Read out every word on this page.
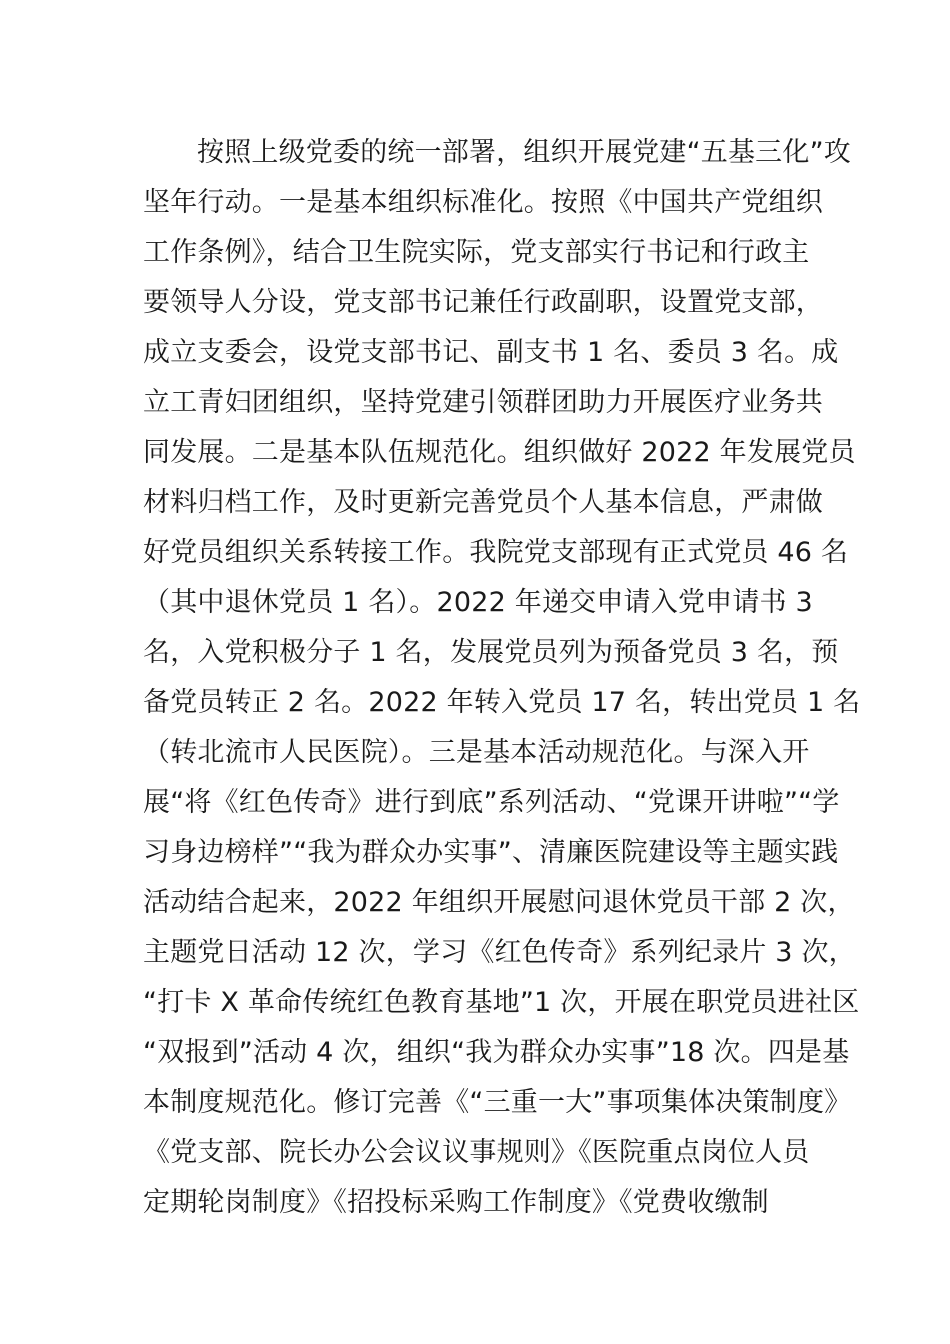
按照上级党委的统一部署，组织开展党建“五基三化”攻
坚年行动。一是基本组织标准化。按照《中国共产党组织
工作条例》，结合卫生院实际，党支部实行书记和行政主
要领导人分设，党支部书记兼任行政副职，设置党支部，
成立支委会，设党支部书记、副支书 1 名、委员 3 名。成
立工青妇团组织，坚持党建引领群团助力开展医疗业务共
同发展。二是基本队伍规范化。组织做好 2022 年发展党员
材料归档工作，及时更新完善党员个人基本信息，严肃做
好党员组织关系转接工作。我院党支部现有正式党员 46 名
（其中退休党员 1 名）。2022 年递交申请入党申请书 3
名，入党积极分子 1 名，发展党员列为预备党员 3 名，预
备党员转正 2 名。2022 年转入党员 17 名，转出党员 1 名
（转北流市人民医院）。三是基本活动规范化。与深入开
展“将《红色传奇》进行到底”系列活动、“党课开讲啦”“学
习身边榜样”“我为群众办实事”、清廉医院建设等主题实践
活动结合起来，2022 年组织开展慰问退休党员干部 2 次，
主题党日活动 12 次，学习《红色传奇》系列纪录片 3 次，
“打卡 X 革命传统红色教育基地”1 次，开展在职党员进社区
“双报到”活动 4 次，组织“我为群众办实事”18 次。四是基
本制度规范化。修订完善《“三重一大”事项集体决策制度》
《党支部、院长办公会议议事规则》《医院重点岗位人员
定期轮岗制度》《招投标采购工作制度》《党费收缴制
